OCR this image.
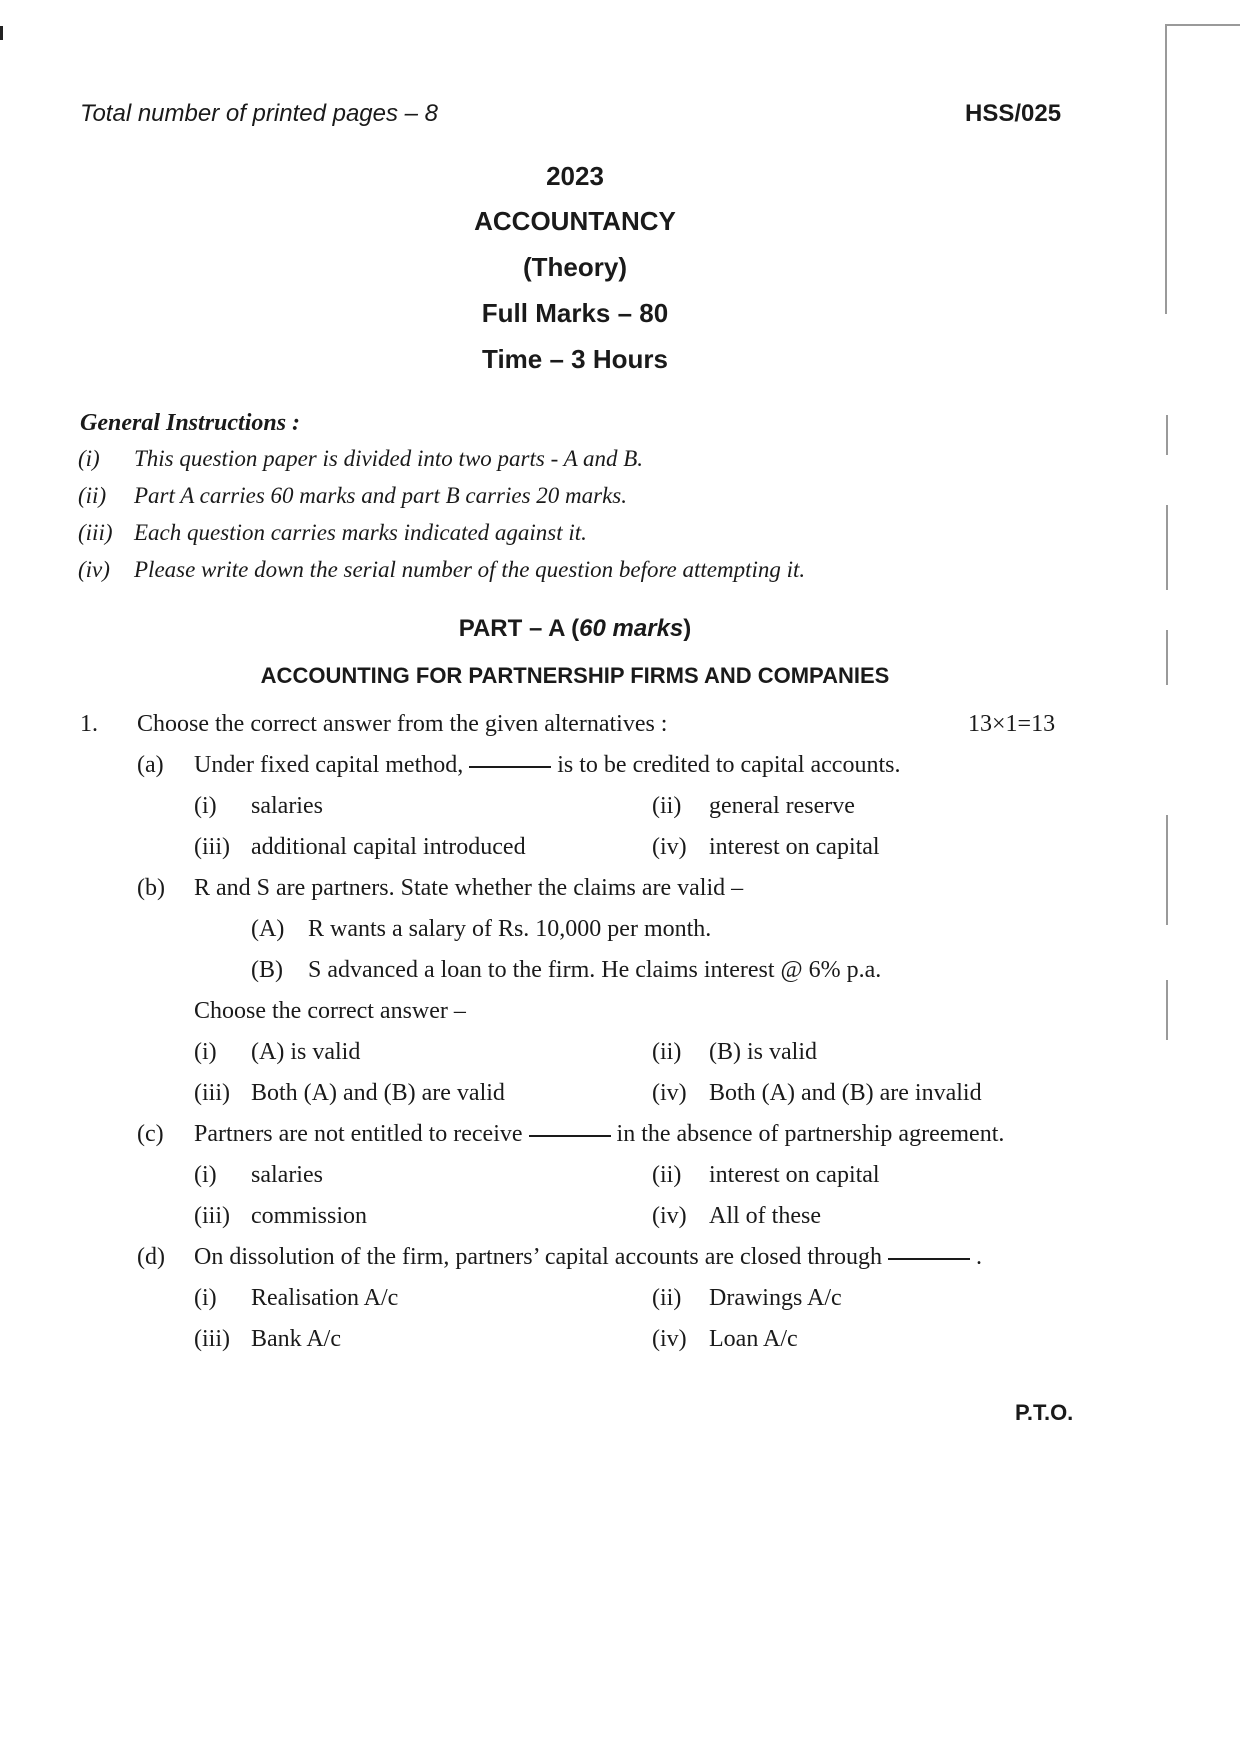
Total number of printed pages – 8	HSS/025
2023
ACCOUNTANCY
(Theory)
Full Marks – 80
Time – 3 Hours
General Instructions :
(i) This question paper is divided into two parts - A and B.
(ii) Part A carries 60 marks and part B carries 20 marks.
(iii) Each question carries marks indicated against it.
(iv) Please write down the serial number of the question before attempting it.
PART – A (60 marks)
ACCOUNTING FOR PARTNERSHIP FIRMS AND COMPANIES
1. Choose the correct answer from the given alternatives :	13×1=13
(a) Under fixed capital method,	is to be credited to capital accounts.
(i) salaries	(ii) general reserve
(iii) additional capital introduced	(iv) interest on capital
(b) R and S are partners. State whether the claims are valid –
(A) R wants a salary of Rs. 10,000 per month.
(B) S advanced a loan to the firm. He claims interest @ 6% p.a.
Choose the correct answer –
(i) (A) is valid	(ii) (B) is valid
(iii) Both (A) and (B) are valid	(iv) Both (A) and (B) are invalid
(c) Partners are not entitled to receive	in the absence of partnership agreement.
(i) salaries	(ii) interest on capital
(iii) commission	(iv) All of these
(d) On dissolution of the firm, partners’ capital accounts are closed through	.
(i) Realisation A/c	(ii) Drawings A/c
(iii) Bank A/c	(iv) Loan A/c
P.T.O.
